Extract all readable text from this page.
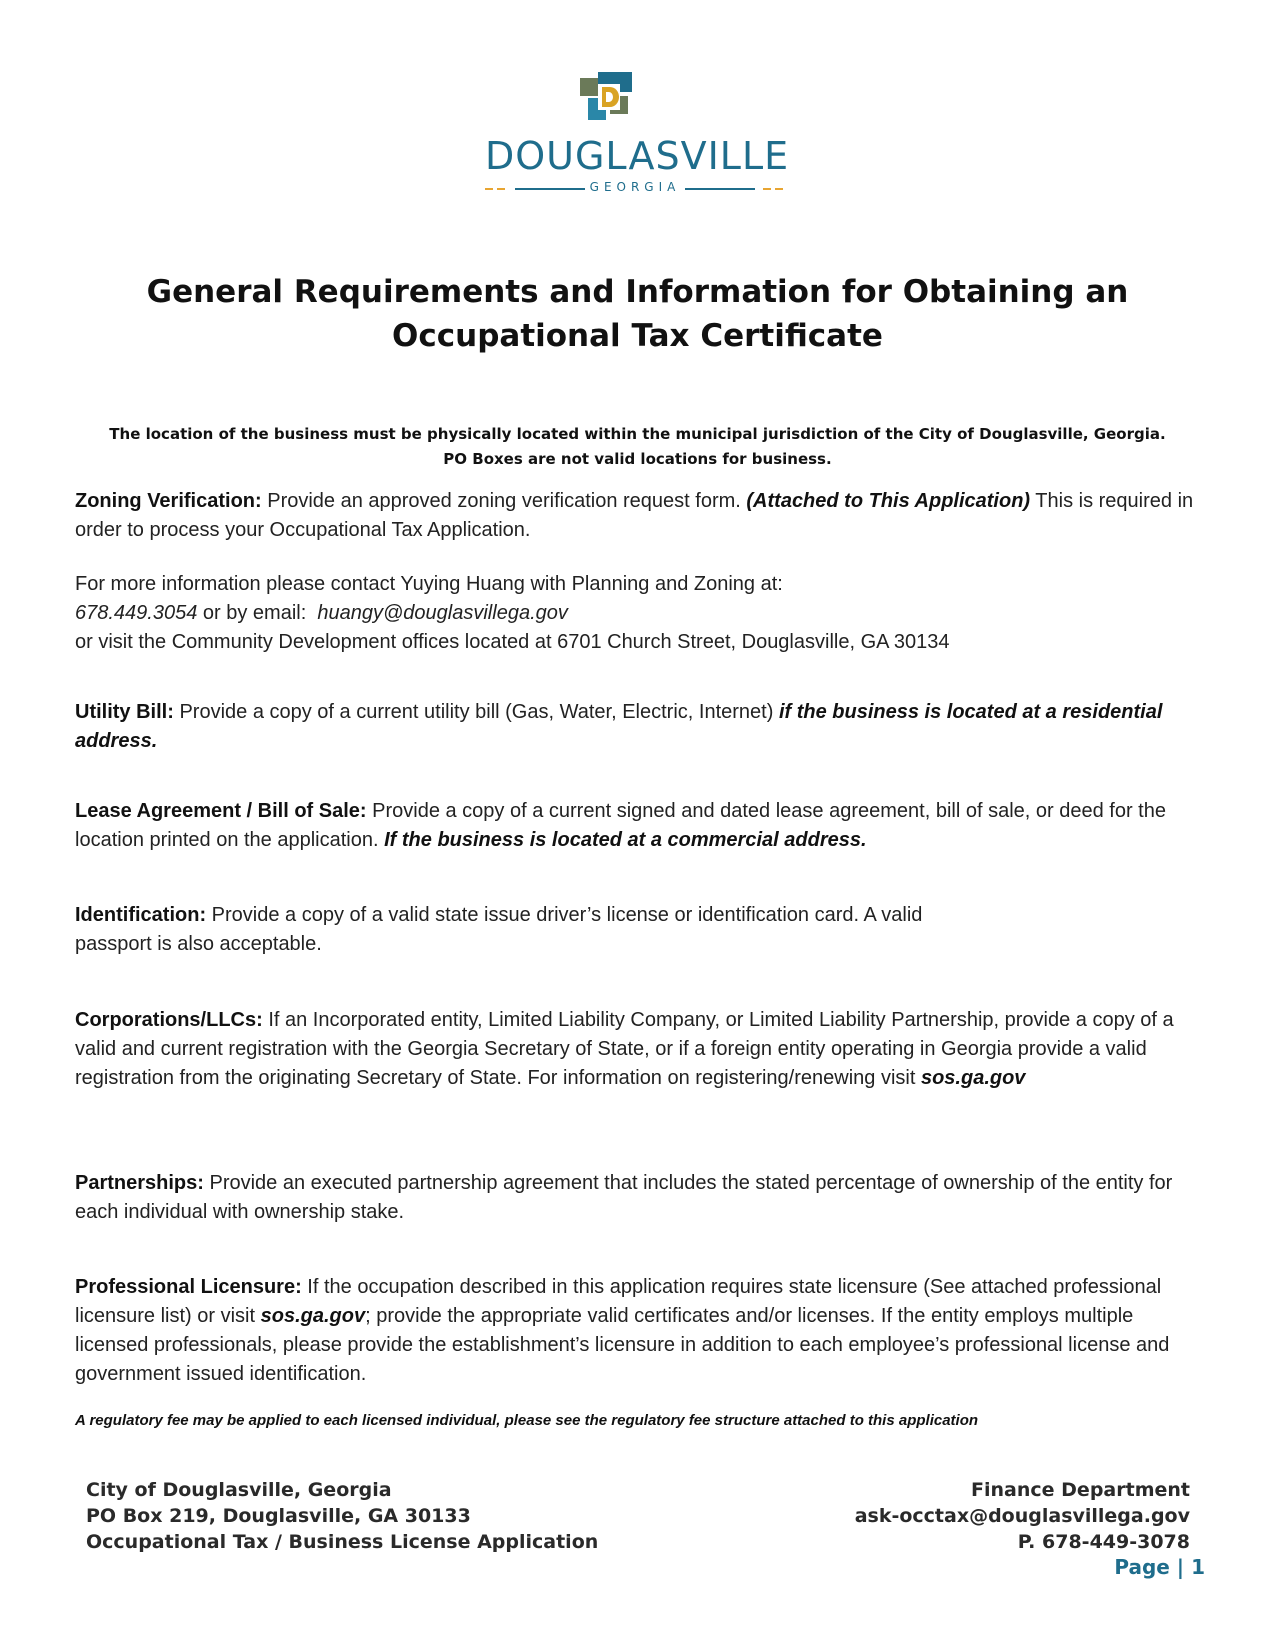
DOUGLASVILLE
GEORGIA
General Requirements and Information for Obtaining an Occupational Tax Certificate
The location of the business must be physically located within the municipal jurisdiction of the City of Douglasville, Georgia.
PO Boxes are not valid locations for business.
Zoning Verification: Provide an approved zoning verification request form. (Attached to This Application) This is required in order to process your Occupational Tax Application.
For more information please contact Yuying Huang with Planning and Zoning at:
678.449.3054 or by email:  huangy@douglasvillega.gov
or visit the Community Development offices located at 6701 Church Street, Douglasville, GA 30134
Utility Bill: Provide a copy of a current utility bill (Gas, Water, Electric, Internet) if the business is located at a residential address.
Lease Agreement / Bill of Sale: Provide a copy of a current signed and dated lease agreement, bill of sale, or deed for the location printed on the application. If the business is located at a commercial address.
Identification: Provide a copy of a valid state issue driver’s license or identification card. A valid
passport is also acceptable.
Corporations/LLCs: If an Incorporated entity, Limited Liability Company, or Limited Liability Partnership, provide a copy of a valid and current registration with the Georgia Secretary of State, or if a foreign entity operating in Georgia provide a valid registration from the originating Secretary of State. For information on registering/renewing visit sos.ga.gov
Partnerships: Provide an executed partnership agreement that includes the stated percentage of ownership of the entity for each individual with ownership stake.
Professional Licensure: If the occupation described in this application requires state licensure (See attached professional licensure list) or visit sos.ga.gov; provide the appropriate valid certificates and/or licenses. If the entity employs multiple licensed professionals, please provide the establishment’s licensure in addition to each employee’s professional license and government issued identification.
A regulatory fee may be applied to each licensed individual, please see the regulatory fee structure attached to this application
City of Douglasville, Georgia
PO Box 219, Douglasville, GA 30133
Occupational Tax / Business License Application
Finance Department
ask-occtax@douglasvillega.gov
P. 678-449-3078
Page | 1
